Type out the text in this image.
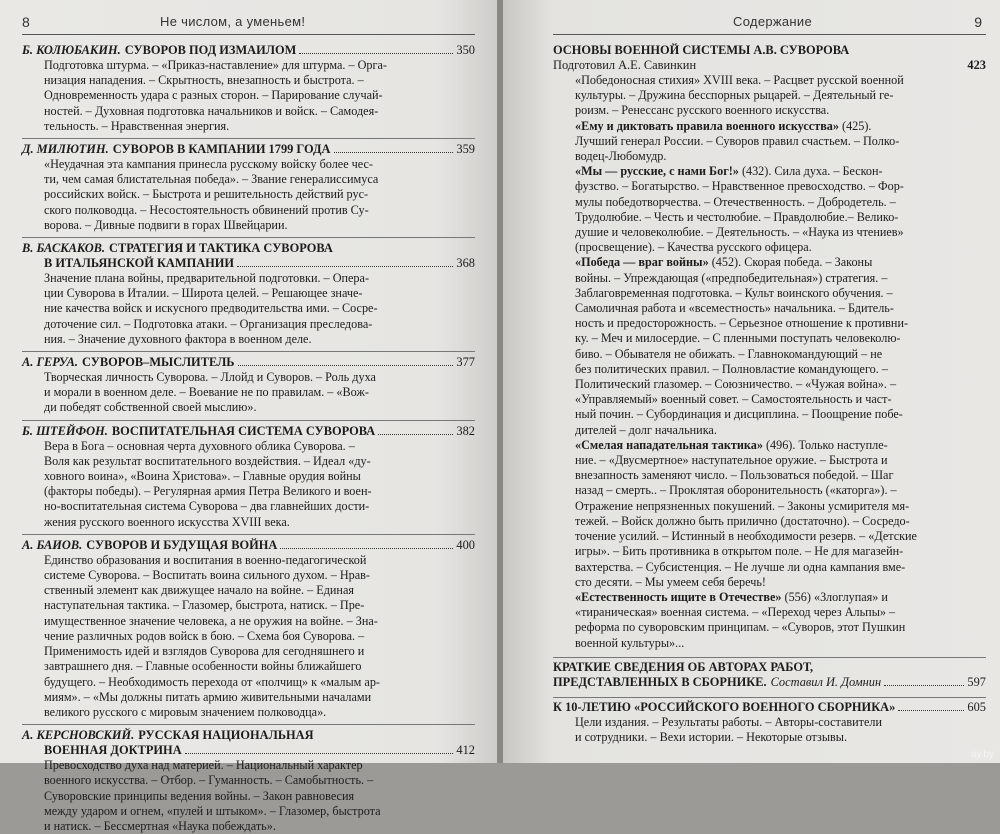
8	Не числом, а уменьем!
Б. КОЛЮБАКИН. СУВОРОВ ПОД ИЗМАИЛОМ	350
Подготовка штурма. – «Приказ-наставление» для штурма. – Орга-
низация нападения. – Скрытность, внезапность и быстрота. –
Одновременность удара с разных сторон. – Парирование случай-
ностей. – Духовная подготовка начальников и войск. – Самодея-
тельность. – Нравственная энергия.
Д. МИЛЮТИН. СУВОРОВ В КАМПАНИИ 1799 ГОДА	359
«Неудачная эта кампания принесла русскому войску более чес-
ти, чем самая блистательная победа». – Звание генералиссимуса
российских войск. – Быстрота и решительность действий рус-
ского полководца. – Несостоятельность обвинений против Су-
ворова. – Дивные подвиги в горах Швейцарии.
В. БАСКАКОВ. СТРАТЕГИЯ И ТАКТИКА СУВОРОВА
В ИТАЛЬЯНСКОЙ КАМПАНИИ	368
Значение плана войны, предварительной подготовки. – Опера-
ции Суворова в Италии. – Широта целей. – Решающее значе-
ние качества войск и искусного предводительства ими. – Сосре-
доточение сил. – Подготовка атаки. – Организация преследова-
ния. – Значение духовного фактора в военном деле.
А. ГЕРУА. СУВОРОВ–МЫСЛИТЕЛЬ	377
Творческая личность Суворова. – Ллойд и Суворов. – Роль духа
и морали в военном деле. – Воевание не по правилам. – «Вож-
ди победят собственной своей мыслию».
Б. ШТЕЙФОН. ВОСПИТАТЕЛЬНАЯ СИСТЕМА СУВОРОВА	382
Вера в Бога – основная черта духовного облика Суворова. –
Воля как результат воспитательного воздействия. – Идеал «ду-
ховного воина», «Воина Христова». – Главные орудия войны
(факторы победы). – Регулярная армия Петра Великого и воен-
но-воспитательная система Суворова – два главнейших дости-
жения русского военного искусства XVIII века.
А. БАИОВ. СУВОРОВ И БУДУЩАЯ ВОЙНА	400
Единство образования и воспитания в военно-педагогической
системе Суворова. – Воспитать воина сильного духом. – Нрав-
ственный элемент как движущее начало на войне. – Единая
наступательная тактика. – Глазомер, быстрота, натиск. – Пре-
имущественное значение человека, а не оружия на войне. – Зна-
чение различных родов войск в бою. – Схема боя Суворова. –
Применимость идей и взглядов Суворова для сегодняшнего и
завтрашнего дня. – Главные особенности войны ближайшего
будущего. – Необходимость перехода от «полчищ» к «малым ар-
миям». – «Мы должны питать армию живительными началами
великого русского с мировым значением полководца».
А. КЕРСНОВСКИЙ. РУССКАЯ НАЦИОНАЛЬНАЯ
ВОЕННАЯ ДОКТРИНА	412
Превосходство духа над материей. – Национальный характер
военного искусства. – Отбор. – Гуманность. – Самобытность. –
Суворовские принципы ведения войны. – Закон равновесия
между ударом и огнем, «пулей и штыком». – Глазомер, быстрота
и натиск. – Бессмертная «Наука побеждать».
Содержание	9
ОСНОВЫ ВОЕННОЙ СИСТЕМЫ А.В. СУВОРОВА
Подготовил А.Е. Савинкин	423
«Победоносная стихия» XVIII века. – Расцвет русской военной
культуры. – Дружина бесспорных рыцарей. – Деятельный ге-
роизм. – Ренессанс русского военного искусства.
«Ему и диктовать правила военного искусства» (425).
Лучший генерал России. – Суворов правил счастьем. – Полко-
водец-Любомудр.
«Мы — русские, с нами Бог!» (432). Сила духа. – Бескон-
фузство. – Богатырство. – Нравственное превосходство. – Фор-
мулы победотворчества. – Отечественность. – Добродетель. –
Трудолюбие. – Честь и честолюбие. – Правдолюбие.– Велико-
душие и человеколюбие. – Деятельность. – «Наука из чтениев»
(просвещение). – Качества русского офицера.
«Победа — враг войны» (452). Скорая победа. – Законы
войны. – Упреждающая («предпобедительная») стратегия. –
Заблаговременная подготовка. – Культ воинского обучения. –
Самоличная работа и «всеместность» начальника. – Бдитель-
ность и предосторожность. – Серьезное отношение к противни-
ку. – Меч и милосердие. – С пленными поступать человеколю-
биво. – Обывателя не обижать. – Главнокомандующий – не
без политических правил. – Полновластие командующего. –
Политический глазомер. – Союзничество. – «Чужая война». –
«Управляемый» военный совет. – Самостоятельность и част-
ный почин. – Субординация и дисциплина. – Поощрение побе-
дителей – долг начальника.
«Смелая нападательная тактика» (496). Только наступле-
ние. – «Двусмертное» наступательное оружие. – Быстрота и
внезапность заменяют число. – Пользоваться победой. – Шаг
назад – смерть.. – Проклятая оборонительность («каторга»). –
Отражение непрязненных покушений. – Законы усмирителя мя-
тежей. – Войск должно быть прилично (достаточно). – Сосредо-
точение усилий. – Истинный в необходимости резерв. – «Детские
игры». – Бить противника в открытом поле. – Не для магазейн-
вахтерства. – Субсистенция. – Не лучше ли одна кампания вме-
сто десяти. – Мы умеем себя беречь!
«Естественность ищите в Отечестве» (556) «Злоглупая» и
«тираническая» военная система. – «Переход через Альпы» –
реформа по суворовским принципам. – «Суворов, этот Пушкин
военной культуры»...
КРАТКИЕ СВЕДЕНИЯ ОБ АВТОРАХ РАБОТ,
ПРЕДСТАВЛЕННЫХ В СБОРНИКЕ. Составил И. Домнин	597
К 10-ЛЕТИЮ «РОССИЙСКОГО ВОЕННОГО СБОРНИКА»	605
Цели издания. – Результаты работы. – Авторы-составители
и сотрудники. – Вехи истории. – Некоторые отзывы.
ay.by
